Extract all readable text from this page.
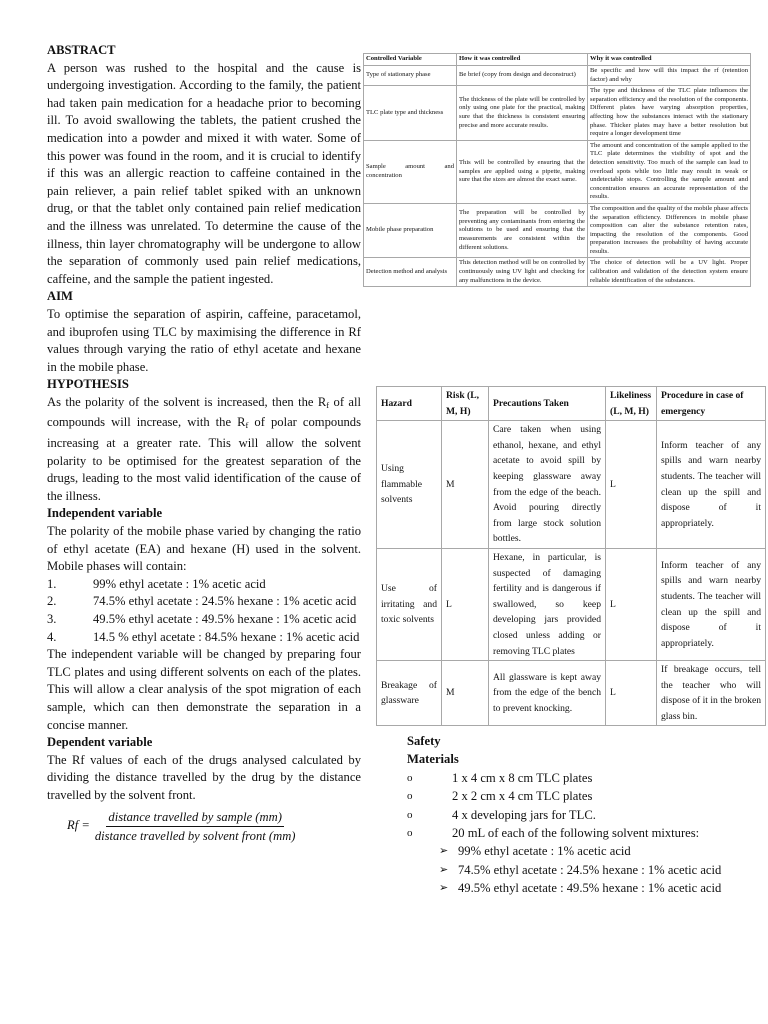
ABSTRACT

A person was rushed to the hospital and the cause is undergoing investigation. According to the family, the patient had taken pain medication for a headache prior to becoming ill. To avoid swallowing the tablets, the patient crushed the medication into a powder and mixed it with water. Some of this power was found in the room, and it is crucial to identify if this was an allergic reaction to caffeine contained in the pain reliever, a pain relief tablet spiked with an unknown drug, or that the tablet only contained pain relief medication and the illness was unrelated. To determine the cause of the illness, thin layer chromatography will be undergone to allow the separation of commonly used pain relief medications, caffeine, and the sample the patient ingested.

AIM

To optimise the separation of aspirin, caffeine, paracetamol, and ibuprofen using TLC by maximising the difference in Rf values through varying the ratio of ethyl acetate and hexane in the mobile phase.

HYPOTHESIS

As the polarity of the solvent is increased, then the $R_f$ of all compounds will increase, with the $R_f$ of polar compounds increasing at a greater rate. This will allow the solvent polarity to be optimised for the greatest separation of the drugs, leading to the most valid identification of the cause of the illness.

Independent variable

The polarity of the mobile phase varied by changing the ratio of ethyl acetate (EA) and hexane (H) used in the solvent. Mobile phases will contain:

1.	99% ethyl acetate : 1% acetic acid
2.	74.5% ethyl acetate : 24.5% hexane : 1% acetic acid
3.	49.5% ethyl acetate : 49.5% hexane : 1% acetic acid
4.	14.5 % ethyl acetate : 84.5% hexane : 1% acetic acid

The independent variable will be changed by preparing four TLC plates and using different solvents on each of the plates. This will allow a clear analysis of the spot migration of each sample, which can then demonstrate the separation in a concise manner.

Dependent variable

The Rf values of each of the drugs analysed calculated by dividing the distance travelled by the drug by the distance travelled by the solvent front.

$Rf = \frac{\text{distance travelled by sample (mm)}}{\text{distance travelled by solvent front (mm)}}$
Controlled Variable	How it was controlled	Why it was controlled
Type of stationary phase	Be brief (copy from design and deconstruct)	Be specific and how will this impact the rf (retention factor) and why
TLC plate type and thickness	The thickness of the plate will be controlled by only using one plate for the practical, making sure that the thickness is consistent ensuring precise and more accurate results.	The type and thickness of the TLC plate influences the separation efficiency and the resolution of the components. Different plates have varying absorption properties, affecting how the substances interact with the stationary phase. Thicker plates may have a better resolution but require a longer development time
Sample amount and concentration	This will be controlled by ensuring that the samples are applied using a pipette, making sure that the sizes are almost the exact same.	The amount and concentration of the sample applied to the TLC plate determines the visibility of spot and the detection sensitivity. Too much of the sample can lead to overload spots while too little may result in weak or undetectable stops. Controlling the sample amount and concentration ensures an accurate representation of the results.
Mobile phase preparation	The preparation will be controlled by preventing any contaminants from entering the solutions to be used and ensuring that the measurements are consistent within the different solutions.	The composition and the quality of the mobile phase affects the separation efficiency. Differences in mobile phase composition can alter the substance retention rates, impacting the resolution of the components. Good preparation increases the probability of having accurate results.
Detection method and analysis	This detection method will be on controlled by continuously using UV light and checking for any malfunctions in the device.	The choice of detection will be a UV light. Proper calibration and validation of the detection system ensure reliable identification of the substances.
Hazard	Risk (L, M, H)	Precautions Taken	Likeliness (L, M, H)	Procedure in case of emergency
Using flammable solvents	M	Care taken when using ethanol, hexane, and ethyl acetate to avoid spill by keeping glassware away from the edge of the beach. Avoid pouring directly from large stock solution bottles.	L	Inform teacher of any spills and warn nearby students. The teacher will clean up the spill and dispose of it appropriately.
Use of irritating and toxic solvents	L	Hexane, in particular, is suspected of damaging fertility and is dangerous if swallowed, so keep developing jars provided closed unless adding or removing TLC plates	L	Inform teacher of any spills and warn nearby students. The teacher will clean up the spill and dispose of it appropriately.
Breakage of glassware	M	All glassware is kept away from the edge of the bench to prevent knocking.	L	If breakage occurs, tell the teacher who will dispose of it in the broken glass bin.
Safety
Materials
o	1 x 4 cm x 8 cm TLC plates
o	2 x 2 cm x 4 cm TLC plates
o	4 x developing jars for TLC.
o	20 mL of each of the following solvent mixtures:
➢ 99% ethyl acetate : 1% acetic acid
➢ 74.5% ethyl acetate : 24.5% hexane : 1% acetic acid
➢ 49.5% ethyl acetate : 49.5% hexane : 1% acetic acid
